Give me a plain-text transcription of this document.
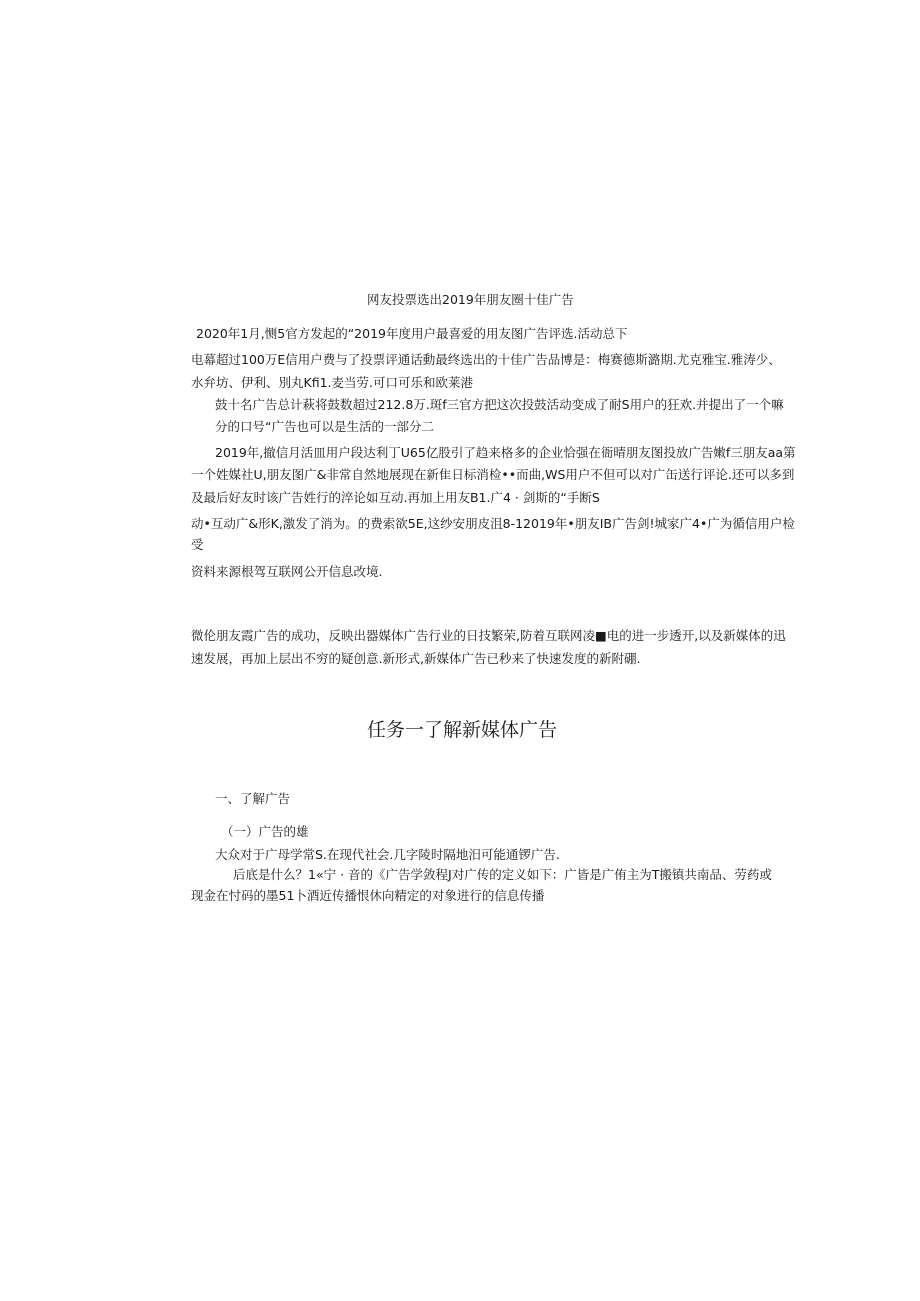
网友投票选出2019年朋友圈十佳广告
2020年1月,恻5官方发起的“2019年度用户最喜爱的用友图广告评选.活动总下
电幕超过100万E信用户费与了投票评通话動最终选出的十佳广告品博是：梅赛德斯潞期.尤克雅宝.雅涛少、
水弁坊、伊利、別丸Kfi1.麦当劳.可口可乐和欧莱港
鼓十名广告总计萩将鼓数超过212.8万.斑f三官方把这次投鼓活动变成了耐S用户的狂欢.并提出了一个嘛
分的口号“广告也可以是生活的一部分二
2019年,撤信月活皿用户段达利丁U65亿股引了趋来格多的企业恰强在衙晴朋友图投放广告嫩f三朋友aa第
一个姓媒社U,朋友图广&非常自然地展现在新隹日标消检••而曲,WS用户不但可以对广缶送行评论.还可以多到
及最后好友时该广告姓行的淬论如互动.再加上用友B1.广4 · 剑斯的“手断S
动•互动广&形K,激发了消为。的费索欲5E,这纱安朋皮沮8-12019年•朋友IB广告剑!城家广4•广为循信用户检
受
资料来源根驾互联网公开信息改境.
微伦朋友霞广告的成功，反映出器媒体广告行业的日技繁荣,防着互联网凌■电的进一步透开,以及新媒体的迅
速发展，再加上层出不穷的疑创意.新形式,新媒体广告已秒来了快速发度的新附硼.
任务一了解新媒体广告
一、了解广告
（一）广告的雄
大众对于广母学常S.在现代社会.几字陵时隔地汨可能通锣广告.
后底是什么？1«宁 · 音的《广告学敛程J对广传的定义如下：广皆是广侑主为T搬镇共南品、劳药或
现金在忖码的墨51卜酒近传播恨休向精定的对象进行的信息传播
